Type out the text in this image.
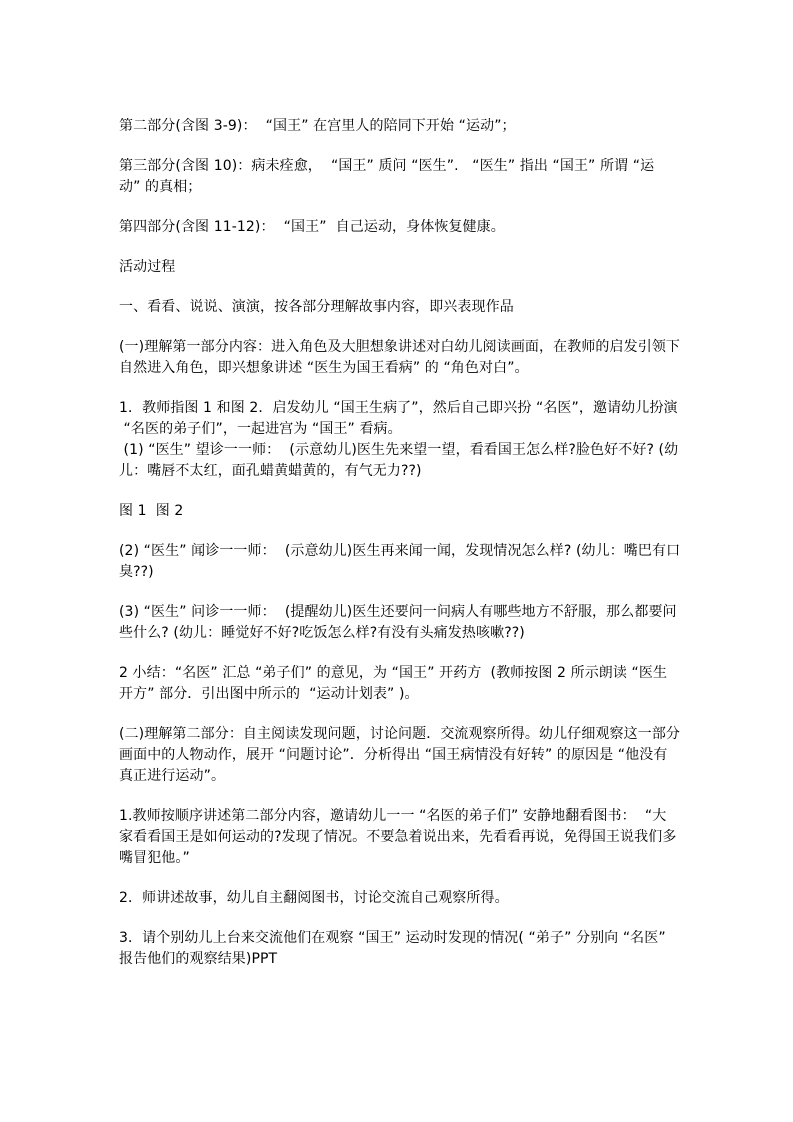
第二部分(含图 3-9)：  “国王” 在宫里人的陪同下开始 “运动”；
第三部分(含图 10)：病未痊愈，  “国王” 质问 “医生”.   “医生” 指出 “国王” 所谓 “运
动” 的真相；
第四部分(含图 11-12)：  “国王”  自己运动，身体恢复健康。
活动过程
一、看看、说说、演演，按各部分理解故事内容，即兴表现作品
(一)理解第一部分内容：进入角色及大胆想象讲述对白幼儿阅读画面，在教师的启发引领下
自然进入角色，即兴想象讲述 “医生为国王看病” 的 “角色对白”。
1．教师指图 1 和图 2．启发幼儿 “国王生病了”，然后自己即兴扮 “名医”，邀请幼儿扮演
“名医的弟子们”，一起进宫为 “国王” 看病。
(1) “医生” 望诊一一师：  (示意幼儿)医生先来望一望，看看国王怎么样?脸色好不好? (幼
儿：嘴唇不太红，面孔蜡黄蜡黄的，有气无力??)
图 1  图 2
(2) “医生” 闻诊一一师：  (示意幼儿)医生再来闻一闻，发现情况怎么样? (幼儿：嘴巴有口
臭??)
(3) “医生” 问诊一一师：  (提醒幼儿)医生还要问一问病人有哪些地方不舒服，那么都要问
些什么? (幼儿：睡觉好不好?吃饭怎么样?有没有头痛发热咳嗽??)
2 小结：“名医” 汇总 “弟子们” 的意见，为 “国王” 开药方  (教师按图 2 所示朗读 “医生
开方” 部分．引出图中所示的  “运动计划表” )。
(二)理解第二部分：自主阅读发现问题，讨论问题．交流观察所得。幼儿仔细观察这一部分
画面中的人物动作，展开 “问题讨论”．分析得出 “国王病情没有好转” 的原因是 “他没有
真正进行运动”。
1.教师按顺序讲述第二部分内容，邀请幼儿一一 “名医的弟子们” 安静地翻看图书：  “大
家看看国王是如何运动的?发现了情况。不要急着说出来，先看看再说，免得国王说我们多
嘴冒犯他。”
2．师讲述故事，幼儿自主翻阅图书，讨论交流自己观察所得。
3．请个别幼儿上台来交流他们在观察 “国王” 运动时发现的情况( “弟子” 分别向 “名医”
报告他们的观察结果)PPT
